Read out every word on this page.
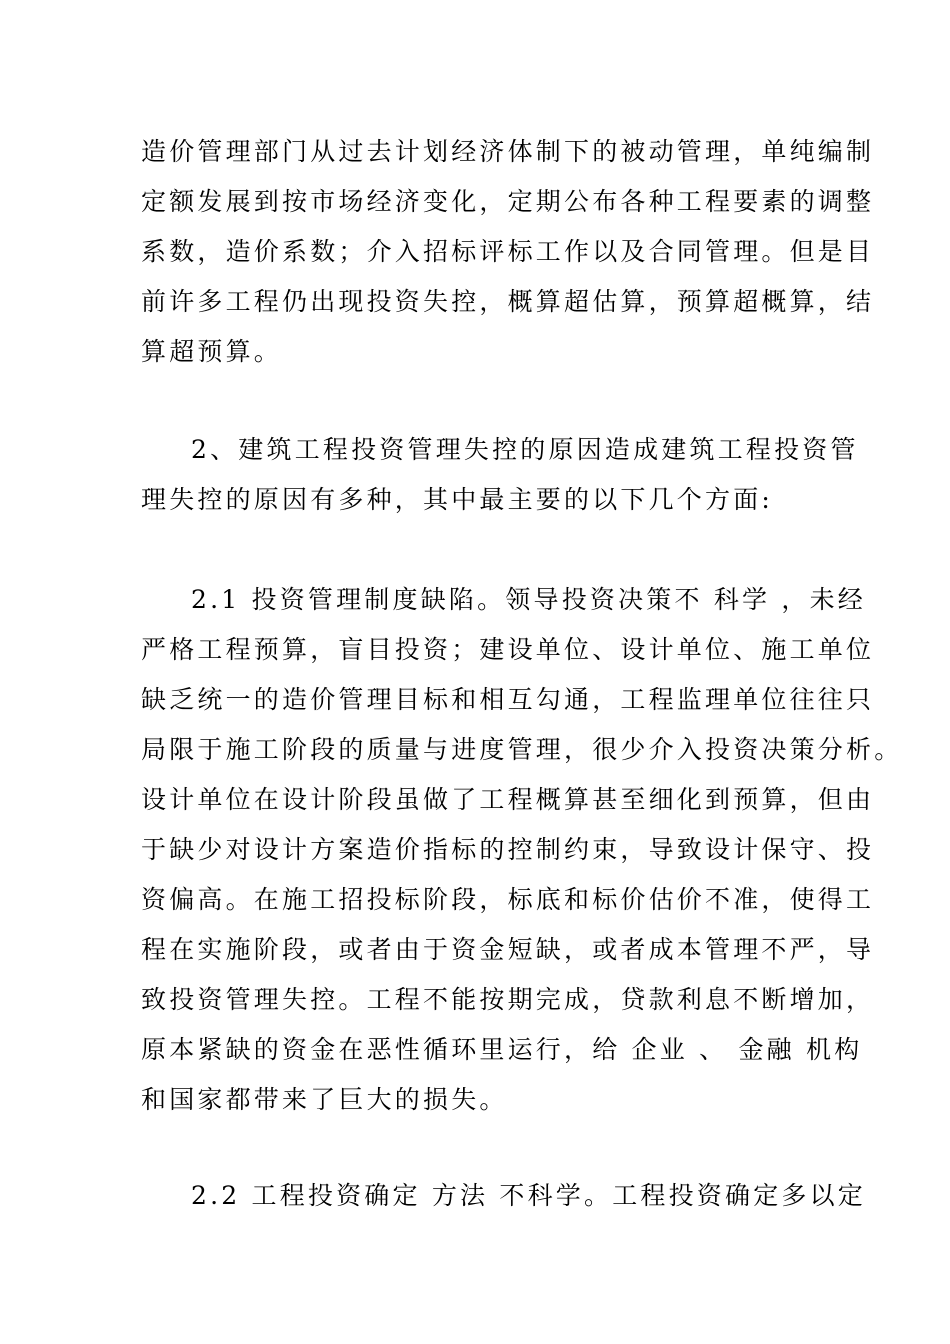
造价管理部门从过去计划经济体制下的被动管理，单纯编制
定额发展到按市场经济变化，定期公布各种工程要素的调整
系数，造价系数；介入招标评标工作以及合同管理。但是目
前许多工程仍出现投资失控，概算超估算，预算超概算，结
算超预算。
2、建筑工程投资管理失控的原因造成建筑工程投资管
理失控的原因有多种，其中最主要的以下几个方面:
2.1 投资管理制度缺陷。领导投资决策不 科学 ，未经
严格工程预算，盲目投资；建设单位、设计单位、施工单位
缺乏统一的造价管理目标和相互勾通，工程监理单位往往只
局限于施工阶段的质量与进度管理，很少介入投资决策分析。
设计单位在设计阶段虽做了工程概算甚至细化到预算，但由
于缺少对设计方案造价指标的控制约束，导致设计保守、投
资偏高。在施工招投标阶段，标底和标价估价不准，使得工
程在实施阶段，或者由于资金短缺，或者成本管理不严，导
致投资管理失控。工程不能按期完成，贷款利息不断增加，
原本紧缺的资金在恶性循环里运行，给 企业 、 金融 机构
和国家都带来了巨大的损失。
2.2 工程投资确定 方法 不科学。工程投资确定多以定
